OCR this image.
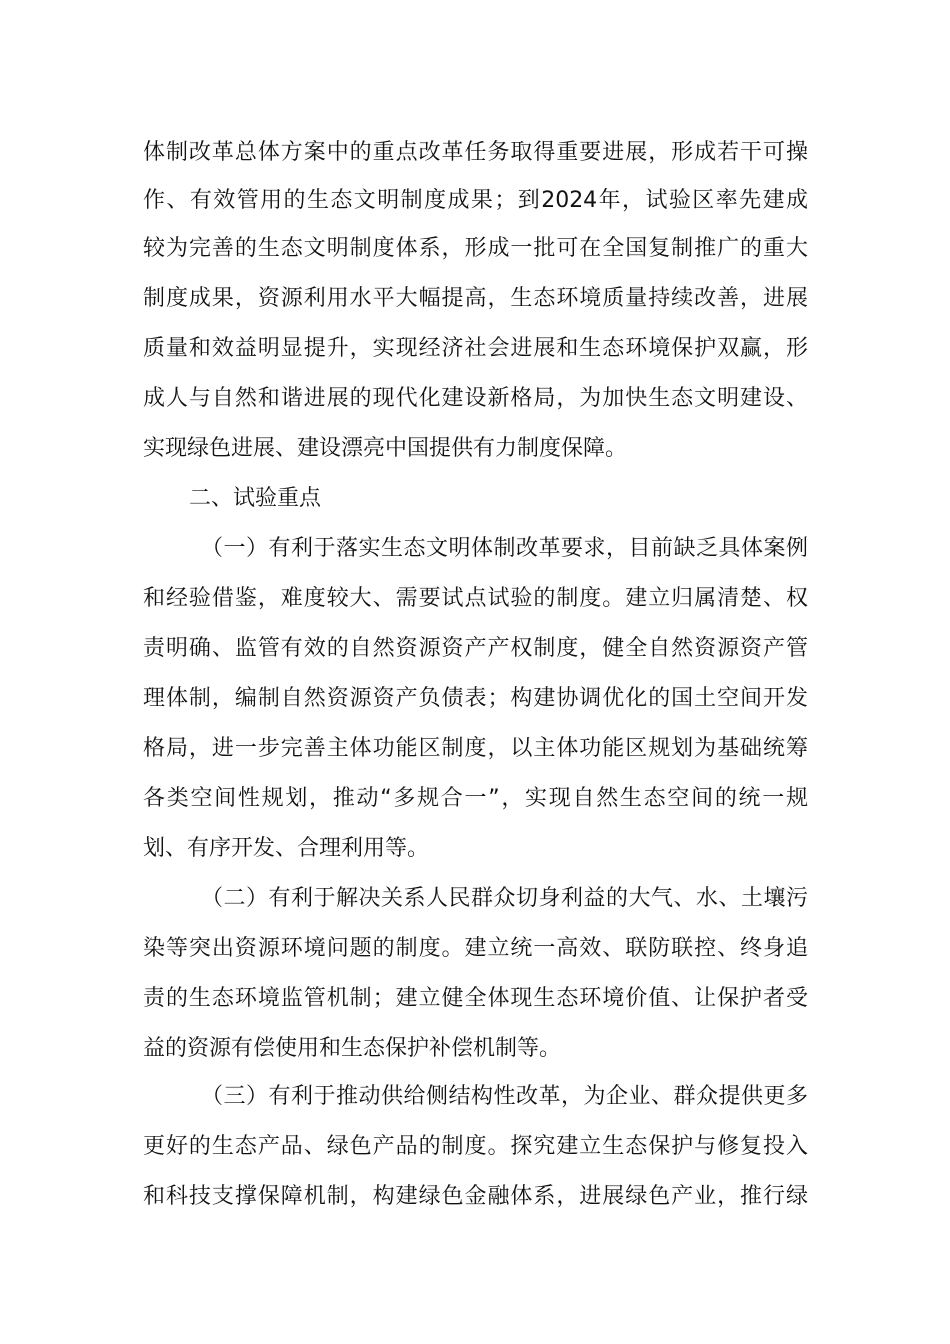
体制改革总体方案中的重点改革任务取得重要进展，形成若干可操
作、有效管用的生态文明制度成果；到2024年，试验区率先建成
较为完善的生态文明制度体系，形成一批可在全国复制推广的重大
制度成果，资源利用水平大幅提高，生态环境质量持续改善，进展
质量和效益明显提升，实现经济社会进展和生态环境保护双赢，形
成人与自然和谐进展的现代化建设新格局，为加快生态文明建设、
实现绿色进展、建设漂亮中国提供有力制度保障。
二、试验重点
（一）有利于落实生态文明体制改革要求，目前缺乏具体案例
和经验借鉴，难度较大、需要试点试验的制度。建立归属清楚、权
责明确、监管有效的自然资源资产产权制度，健全自然资源资产管
理体制，编制自然资源资产负债表；构建协调优化的国土空间开发
格局，进一步完善主体功能区制度，以主体功能区规划为基础统筹
各类空间性规划，推动“多规合一”，实现自然生态空间的统一规
划、有序开发、合理利用等。
（二）有利于解决关系人民群众切身利益的大气、水、土壤污
染等突出资源环境问题的制度。建立统一高效、联防联控、终身追
责的生态环境监管机制；建立健全体现生态环境价值、让保护者受
益的资源有偿使用和生态保护补偿机制等。
（三）有利于推动供给侧结构性改革，为企业、群众提供更多
更好的生态产品、绿色产品的制度。探究建立生态保护与修复投入
和科技支撑保障机制，构建绿色金融体系，进展绿色产业，推行绿
